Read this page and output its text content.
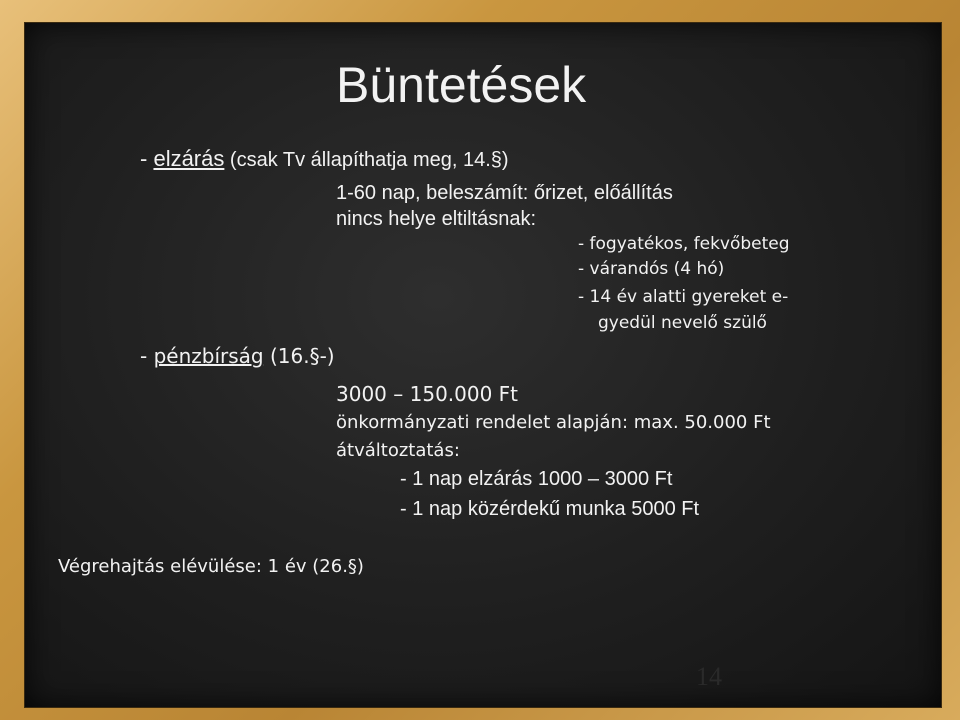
Büntetések
- elzárás (csak Tv állapíthatja meg, 14.§)
1-60 nap, beleszámít: őrizet, előállítás
nincs helye eltiltásnak:
- fogyatékos, fekvőbeteg
- várandós (4 hó)
- 14 év alatti gyereket e-
gyedül nevelő szülő
- pénzbírság (16.§-)
3000 – 150.000 Ft
önkormányzati rendelet alapján: max. 50.000 Ft
átváltoztatás:
- 1 nap elzárás 1000 – 3000 Ft
- 1 nap közérdekű munka 5000 Ft
Végrehajtás elévülése: 1 év (26.§)
14
